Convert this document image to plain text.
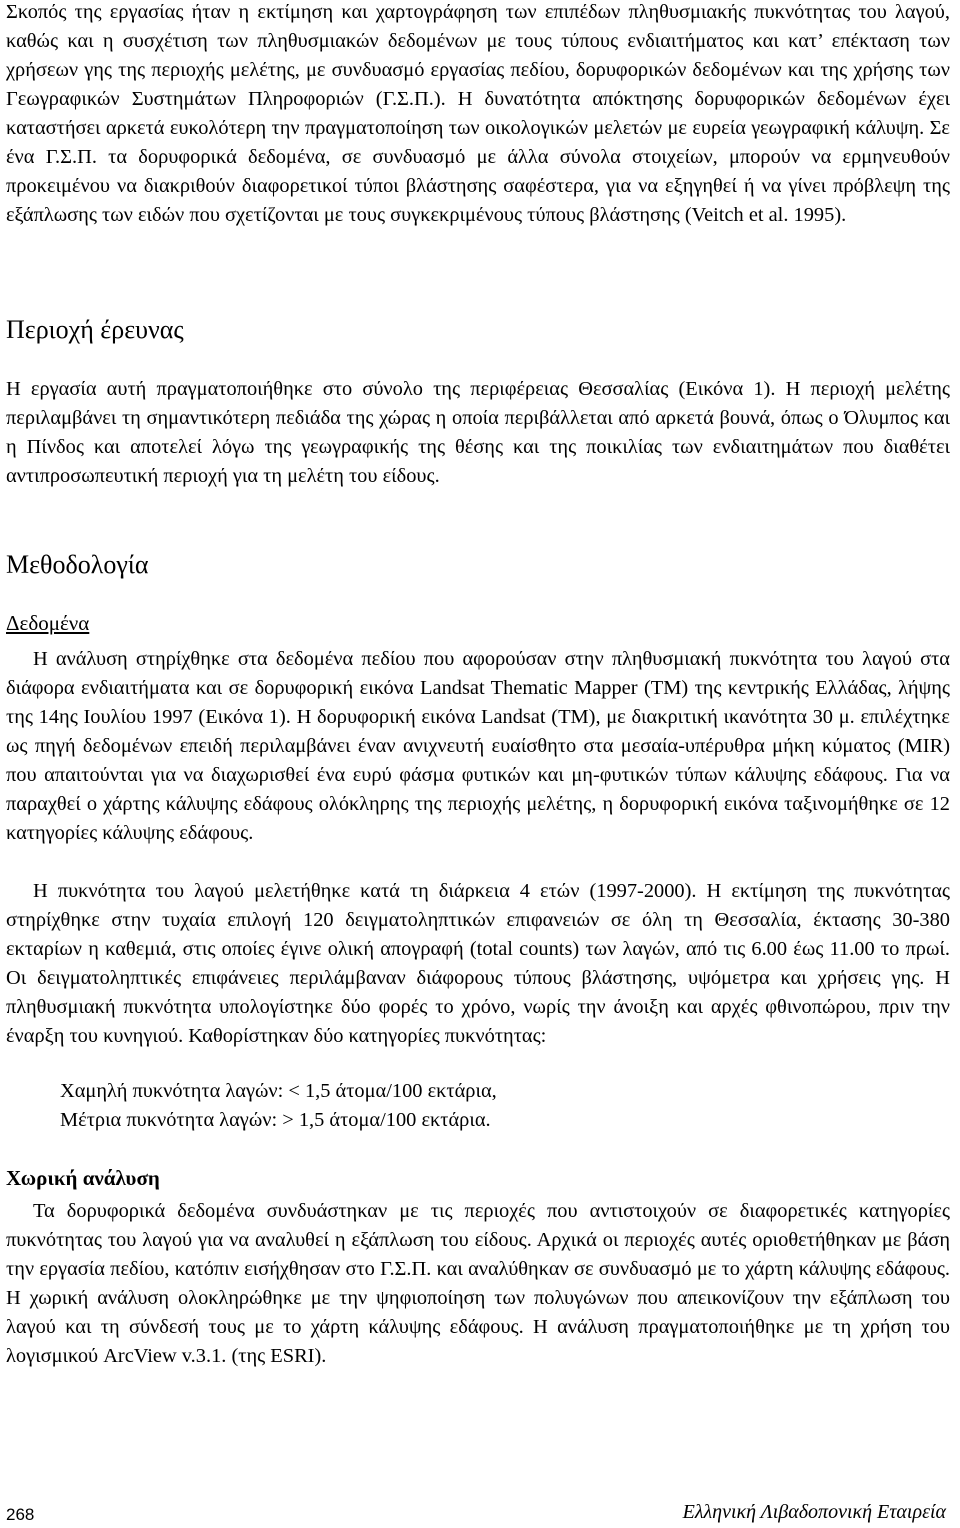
Σκοπός της εργασίας ήταν η εκτίμηση και χαρτογράφηση των επιπέδων πληθυσμιακής πυκνότητας του λαγού, καθώς και η συσχέτιση των πληθυσμιακών δεδομένων με τους τύπους ενδιαιτήματος και κατ’ επέκταση των χρήσεων γης της περιοχής μελέτης, με συνδυασμό εργασίας πεδίου, δορυφορικών δεδομένων και της χρήσης των Γεωγραφικών Συστημάτων Πληροφοριών (Γ.Σ.Π.). Η δυνατότητα απόκτησης δορυφορικών δεδομένων έχει καταστήσει αρκετά ευκολότερη την πραγματοποίηση των οικολογικών μελετών με ευρεία γεωγραφική κάλυψη. Σε ένα Γ.Σ.Π. τα δορυφορικά δεδομένα, σε συνδυασμό με άλλα σύνολα στοιχείων, μπορούν να ερμηνευθούν προκειμένου να διακριθούν διαφορετικοί τύποι βλάστησης σαφέστερα, για να εξηγηθεί ή να γίνει πρόβλεψη της εξάπλωσης των ειδών που σχετίζονται με τους συγκεκριμένους τύπους βλάστησης (Veitch et al. 1995).

Περιοχή έρευνας

Η εργασία αυτή πραγματοποιήθηκε στο σύνολο της περιφέρειας Θεσσαλίας (Εικόνα 1). Η περιοχή μελέτης περιλαμβάνει τη σημαντικότερη πεδιάδα της χώρας η οποία περιβάλλεται από αρκετά βουνά, όπως ο Όλυμπος και η Πίνδος και αποτελεί λόγω της γεωγραφικής της θέσης και της ποικιλίας των ενδιαιτημάτων που διαθέτει αντιπροσωπευτική περιοχή για τη μελέτη του είδους.

Μεθοδολογία
Δεδομένα

Η ανάλυση στηρίχθηκε στα δεδομένα πεδίου που αφορούσαν στην πληθυσμιακή πυκνότητα του λαγού στα διάφορα ενδιαιτήματα και σε δορυφορική εικόνα Landsat Thematic Mapper (TM) της κεντρικής Ελλάδας, λήψης της 14ης Ιουλίου 1997 (Εικόνα 1). Η δορυφορική εικόνα Landsat (TM), με διακριτική ικανότητα 30 μ. επιλέχτηκε ως πηγή δεδομένων επειδή περιλαμβάνει έναν ανιχνευτή ευαίσθητο στα μεσαία-υπέρυθρα μήκη κύματος (MIR) που απαιτούνται για να διαχωρισθεί ένα ευρύ φάσμα φυτικών και μη-φυτικών τύπων κάλυψης εδάφους. Για να παραχθεί ο χάρτης κάλυψης εδάφους ολόκληρης της περιοχής μελέτης, η δορυφορική εικόνα ταξινομήθηκε σε 12 κατηγορίες κάλυψης εδάφους.

Η πυκνότητα του λαγού μελετήθηκε κατά τη διάρκεια 4 ετών (1997-2000). Η εκτίμηση της πυκνότητας στηρίχθηκε στην τυχαία επιλογή 120 δειγματοληπτικών επιφανειών σε όλη τη Θεσσαλία, έκτασης 30-380 εκταρίων η καθεμιά, στις οποίες έγινε ολική απογραφή (total counts) των λαγών, από τις 6.00 έως 11.00 το πρωί. Οι δειγματοληπτικές επιφάνειες περιλάμβαναν διάφορους τύπους βλάστησης, υψόμετρα και χρήσεις γης. Η πληθυσμιακή πυκνότητα υπολογίστηκε δύο φορές το χρόνο, νωρίς την άνοιξη και αρχές φθινοπώρου, πριν την έναρξη του κυνηγιού. Καθορίστηκαν δύο κατηγορίες πυκνότητας:

Χαμηλή πυκνότητα λαγών: < 1,5 άτομα/100 εκτάρια,
Μέτρια πυκνότητα λαγών: > 1,5 άτομα/100 εκτάρια.
Χωρική ανάλυση

Τα δορυφορικά δεδομένα συνδυάστηκαν με τις περιοχές που αντιστοιχούν σε διαφορετικές κατηγορίες πυκνότητας του λαγού για να αναλυθεί η εξάπλωση του είδους. Αρχικά οι περιοχές αυτές οριοθετήθηκαν με βάση την εργασία πεδίου, κατόπιν εισήχθησαν στο Γ.Σ.Π. και αναλύθηκαν σε συνδυασμό με το χάρτη κάλυψης εδάφους. Η χωρική ανάλυση ολοκληρώθηκε με την ψηφιοποίηση των πολυγώνων που απεικονίζουν την εξάπλωση του λαγού και τη σύνδεσή τους με το χάρτη κάλυψης εδάφους. Η ανάλυση πραγματοποιήθηκε με τη χρήση του λογισμικού ArcView v.3.1. (της ESRI).

268	Ελληνική Λιβαδοπονική Εταιρεία
